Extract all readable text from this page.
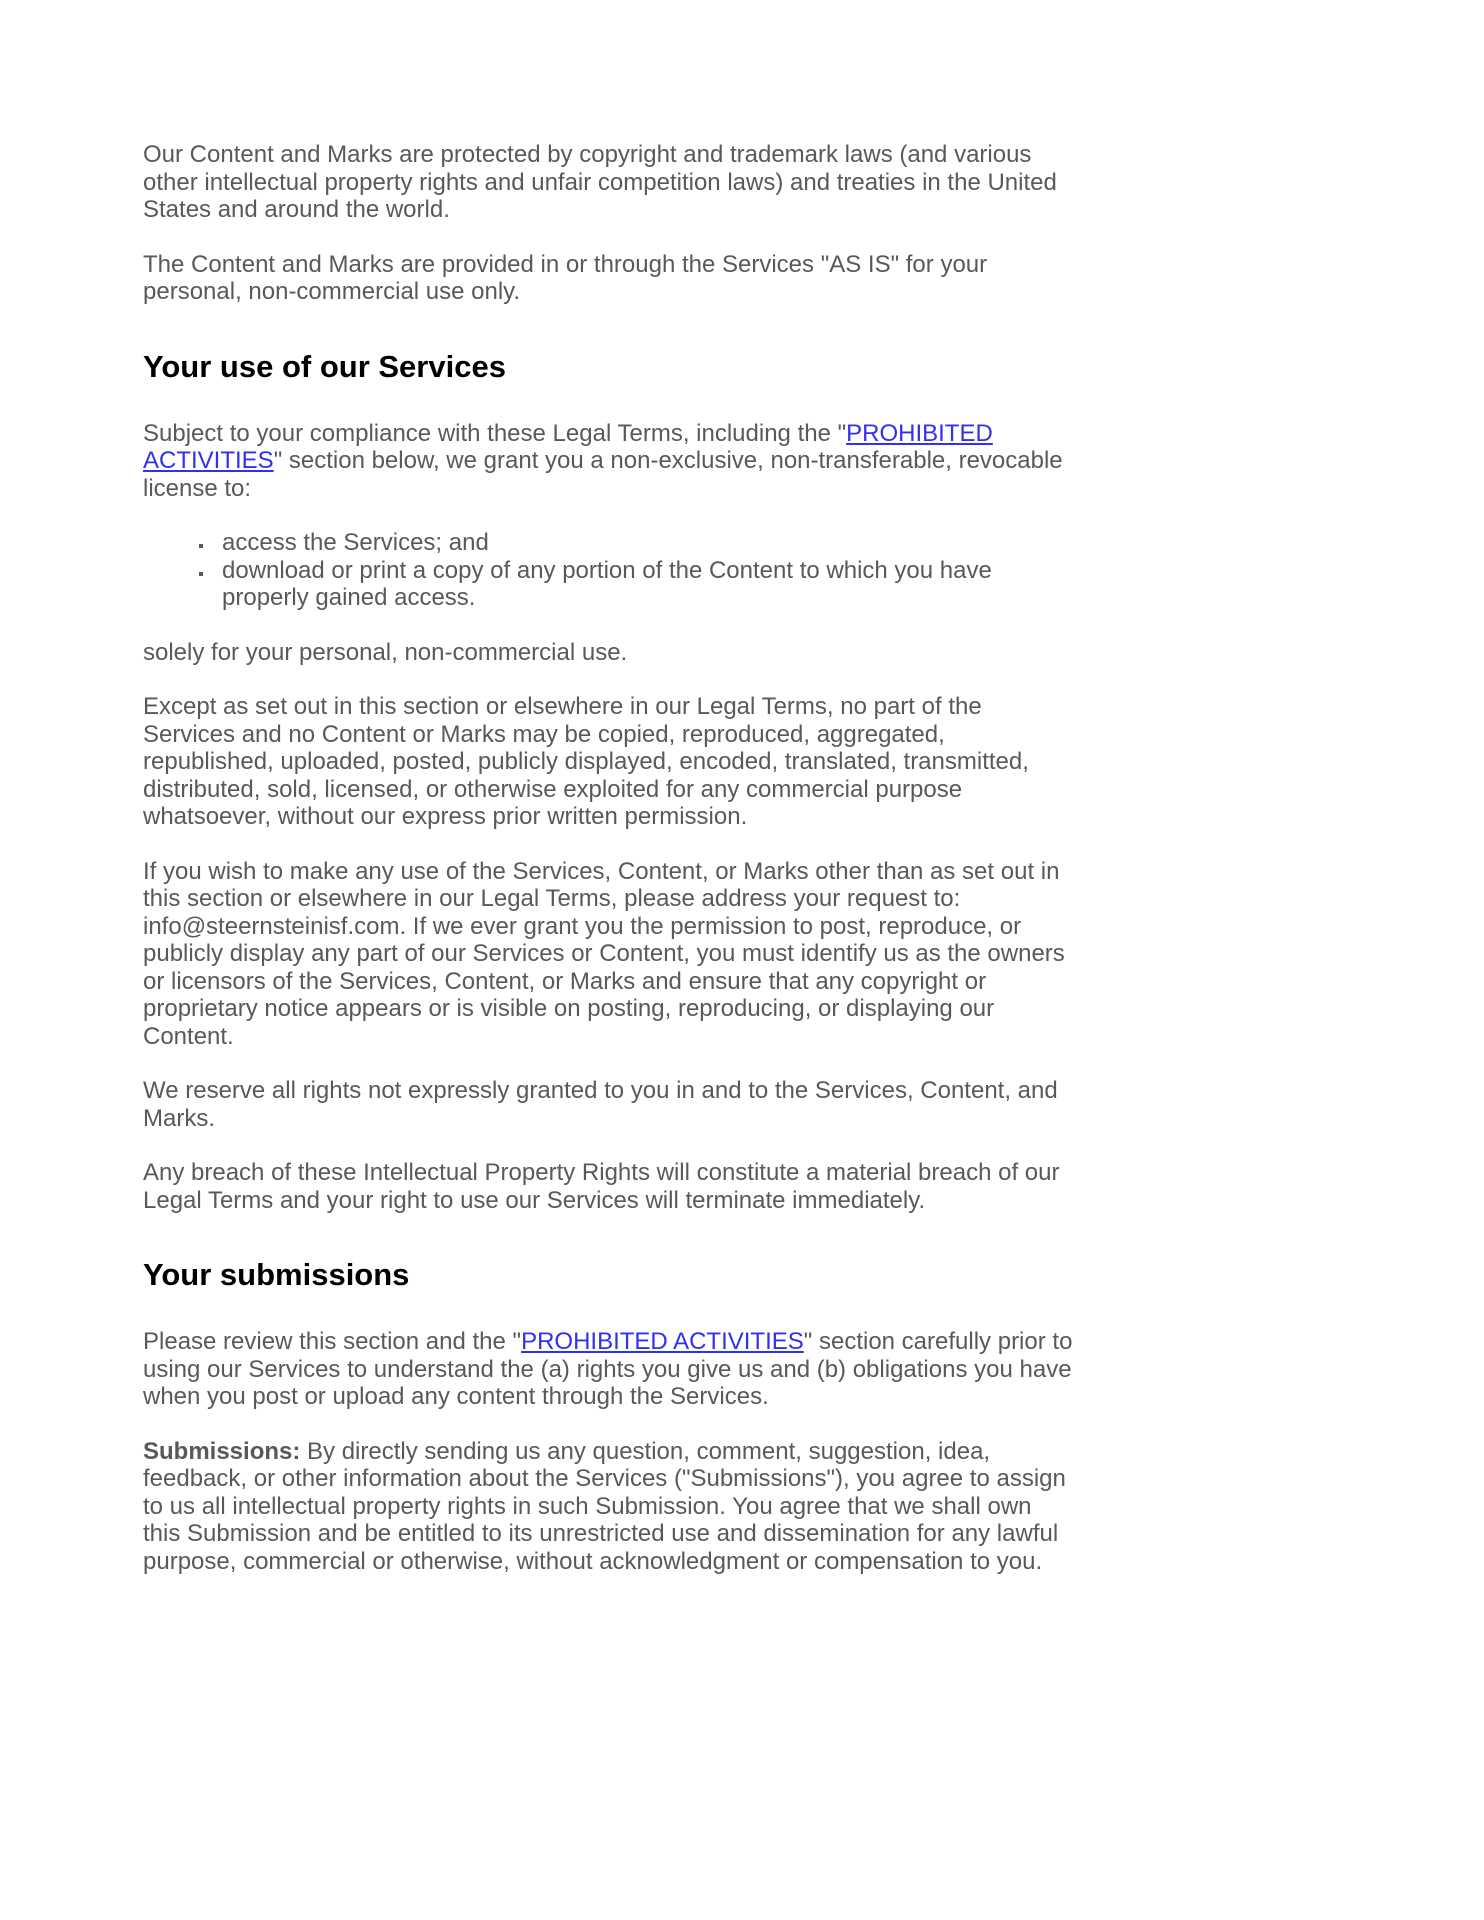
Our Content and Marks are protected by copyright and trademark laws (and various other intellectual property rights and unfair competition laws) and treaties in the United States and around the world.

The Content and Marks are provided in or through the Services "AS IS" for your personal, non-commercial use only.

Your use of our Services

Subject to your compliance with these Legal Terms, including the "PROHIBITED ACTIVITIES" section below, we grant you a non-exclusive, non-transferable, revocable license to:

▪ access the Services; and
▪ download or print a copy of any portion of the Content to which you have properly gained access.

solely for your personal, non-commercial use.

Except as set out in this section or elsewhere in our Legal Terms, no part of the Services and no Content or Marks may be copied, reproduced, aggregated, republished, uploaded, posted, publicly displayed, encoded, translated, transmitted, distributed, sold, licensed, or otherwise exploited for any commercial purpose whatsoever, without our express prior written permission.

If you wish to make any use of the Services, Content, or Marks other than as set out in this section or elsewhere in our Legal Terms, please address your request to: info@steernsteinisf.com. If we ever grant you the permission to post, reproduce, or publicly display any part of our Services or Content, you must identify us as the owners or licensors of the Services, Content, or Marks and ensure that any copyright or proprietary notice appears or is visible on posting, reproducing, or displaying our Content.

We reserve all rights not expressly granted to you in and to the Services, Content, and Marks.

Any breach of these Intellectual Property Rights will constitute a material breach of our Legal Terms and your right to use our Services will terminate immediately.

Your submissions

Please review this section and the "PROHIBITED ACTIVITIES" section carefully prior to using our Services to understand the (a) rights you give us and (b) obligations you have when you post or upload any content through the Services.

Submissions: By directly sending us any question, comment, suggestion, idea, feedback, or other information about the Services ("Submissions"), you agree to assign to us all intellectual property rights in such Submission. You agree that we shall own this Submission and be entitled to its unrestricted use and dissemination for any lawful purpose, commercial or otherwise, without acknowledgment or compensation to you.
